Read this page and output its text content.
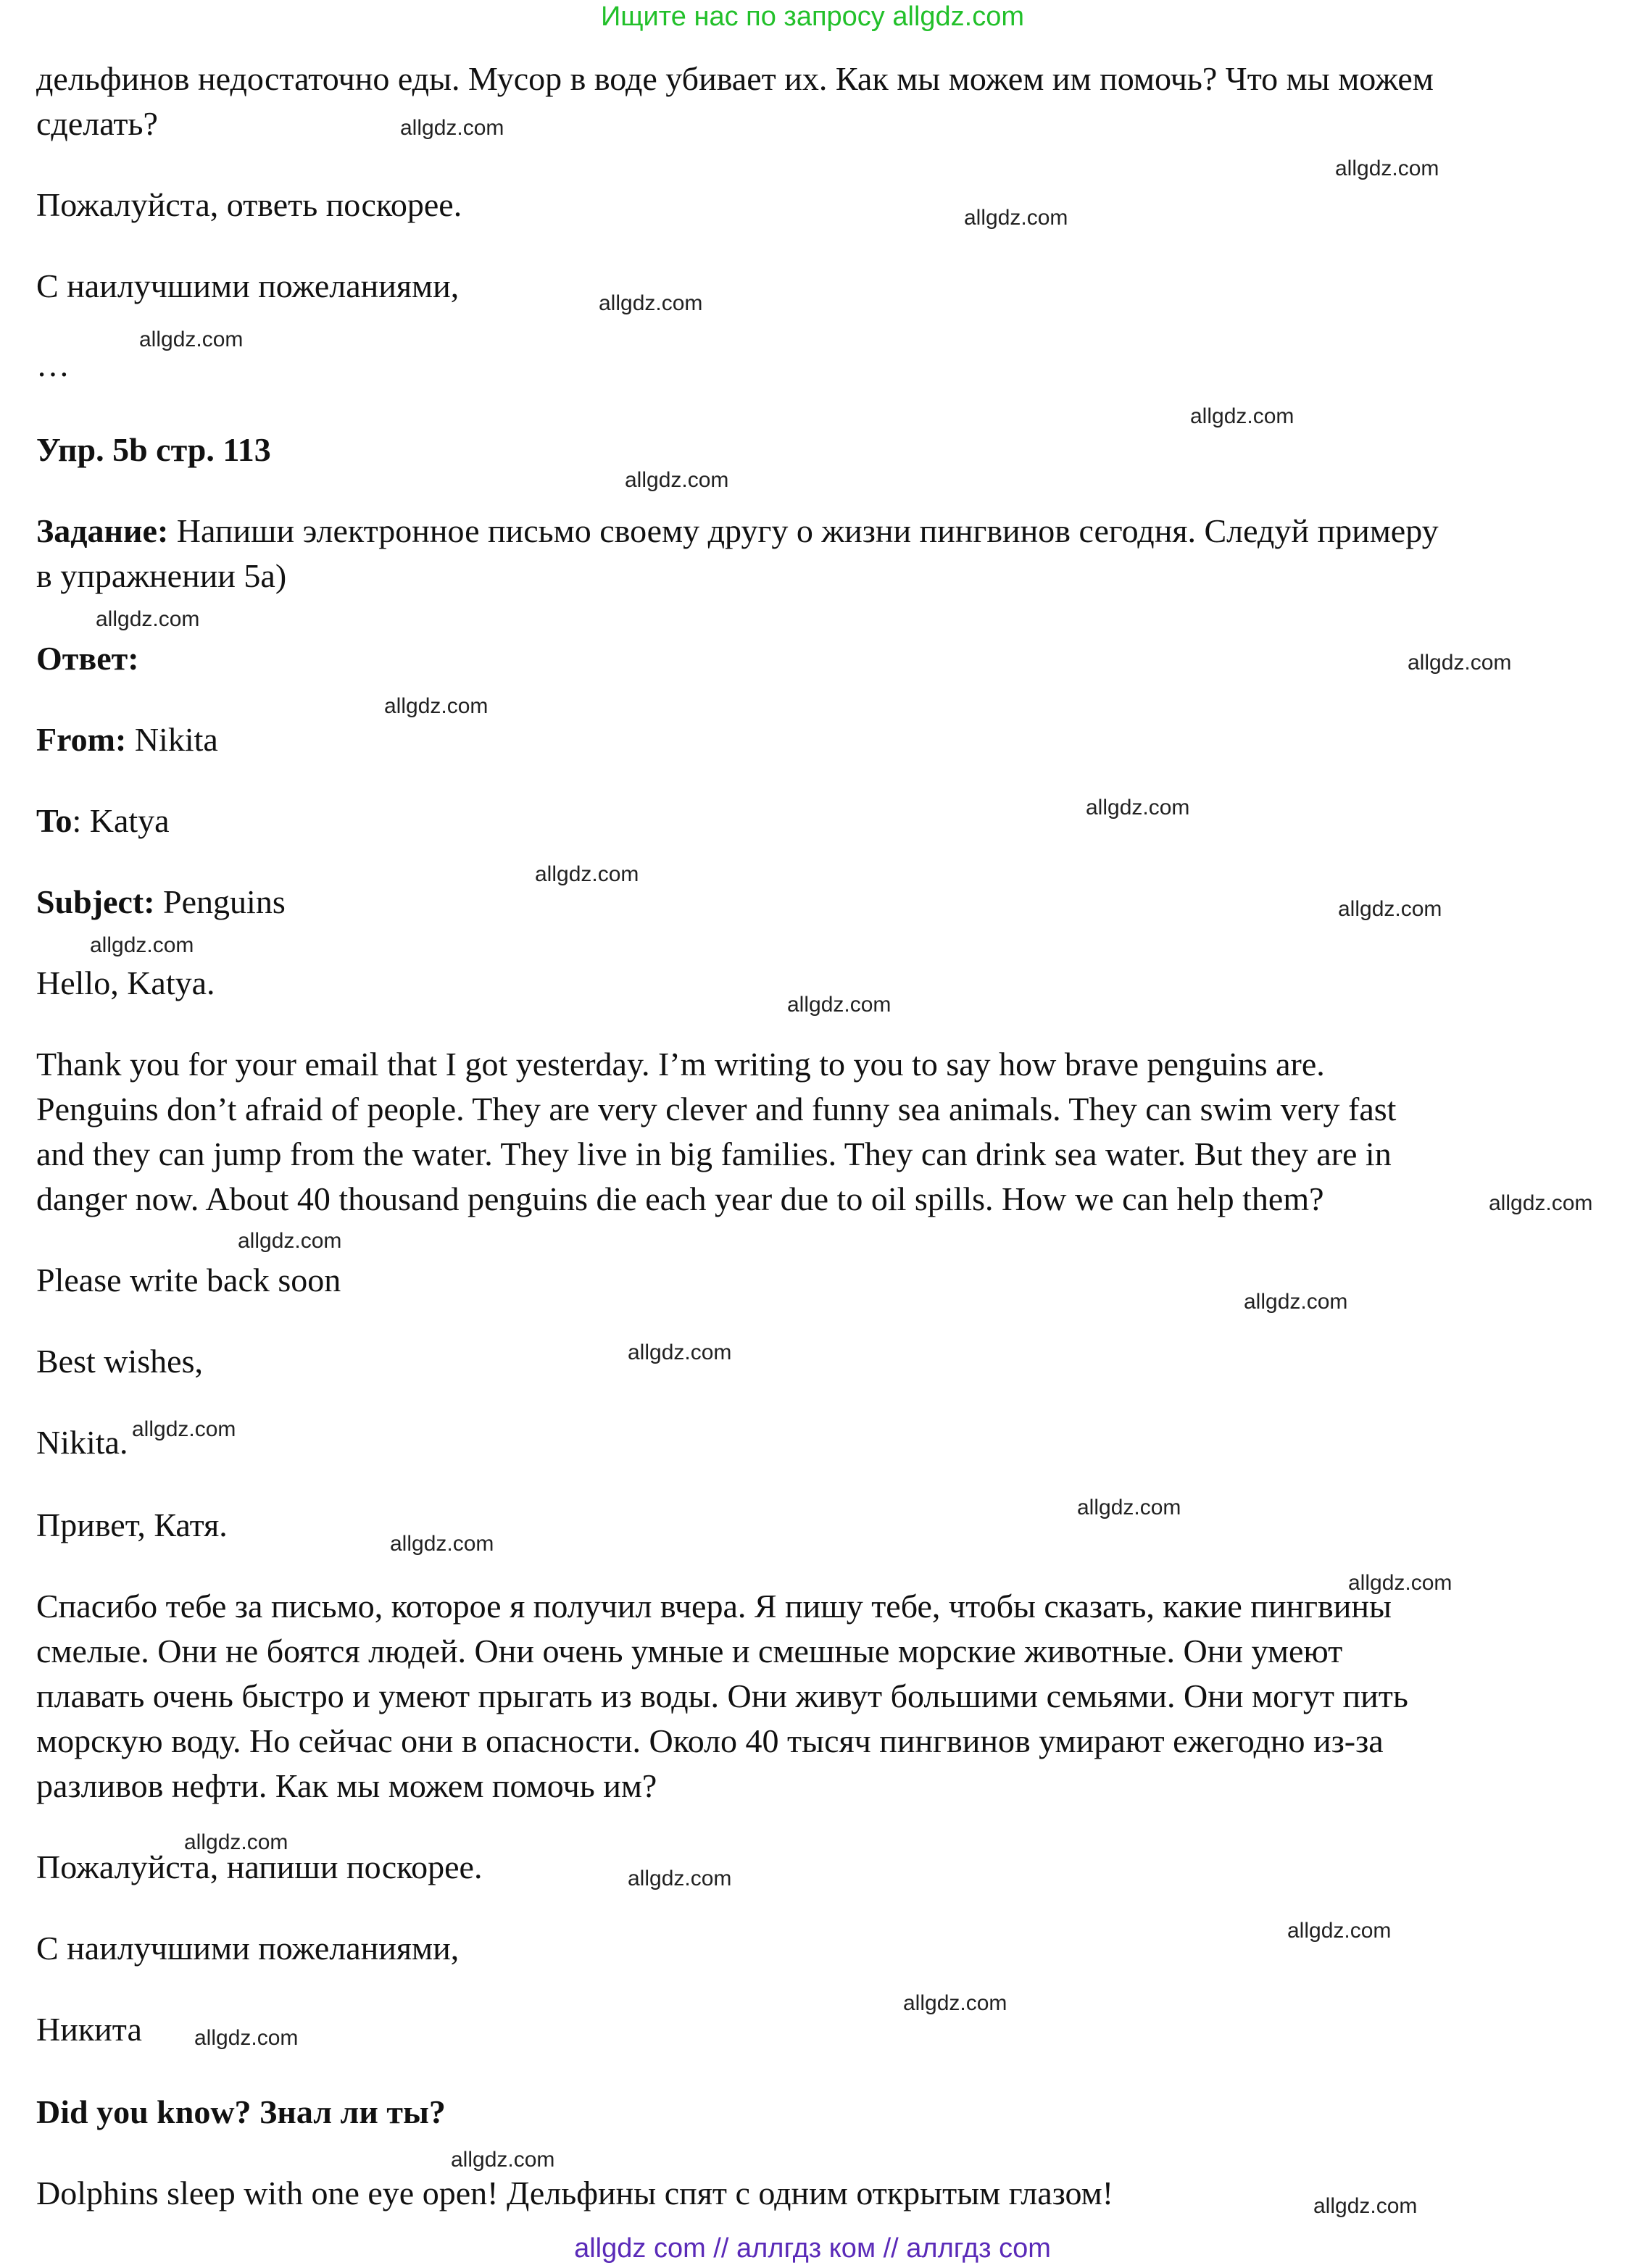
Ищите нас по запросу allgdz.com
дельфинов недостаточно еды. Мусор в воде убивает их. Как мы можем им помочь? Что мы можем
сделать?
Пожалуйста, ответь поскорее.
С наилучшими пожеланиями,
…
Упр. 5b стр. 113
Задание: Напиши электронное письмо своему другу о жизни пингвинов сегодня. Следуй примеру
в упражнении 5а)
Ответ:
From: Nikita
To: Katya
Subject: Penguins
Hello, Katya.
Thank you for your email that I got yesterday. I’m writing to you to say how brave penguins are.
Penguins don’t afraid of people. They are very clever and funny sea animals. They can swim very fast
and they can jump from the water. They live in big families. They can drink sea water. But they are in
danger now. About 40 thousand penguins die each year due to oil spills. How we can help them?
Please write back soon
Best wishes,
Nikita.
Привет, Катя.
Спасибо тебе за письмо, которое я получил вчера. Я пишу тебе, чтобы сказать, какие пингвины
смелые. Они не боятся людей. Они очень умные и смешные морские животные. Они умеют
плавать очень быстро и умеют прыгать из воды. Они живут большими семьями. Они могут пить
морскую воду. Но сейчас они в опасности. Около 40 тысяч пингвинов умирают ежегодно из-за
разливов нефти. Как мы можем помочь им?
Пожалуйста, напиши поскорее.
С наилучшими пожеланиями,
Никита
Did you know? Знал ли ты?
Dolphins sleep with one eye open! Дельфины спят с одним открытым глазом!
allgdz.com
allgdz.com
allgdz.com
allgdz.com
allgdz.com
allgdz.com
allgdz.com
allgdz.com
allgdz.com
allgdz.com
allgdz.com
allgdz.com
allgdz.com
allgdz.com
allgdz.com
allgdz.com
allgdz.com
allgdz.com
allgdz.com
allgdz.com
allgdz.com
allgdz.com
allgdz.com
allgdz.com
allgdz.com
allgdz.com
allgdz.com
allgdz.com
allgdz.com
allgdz.com
allgdz com // аллгдз ком // аллгдз com
